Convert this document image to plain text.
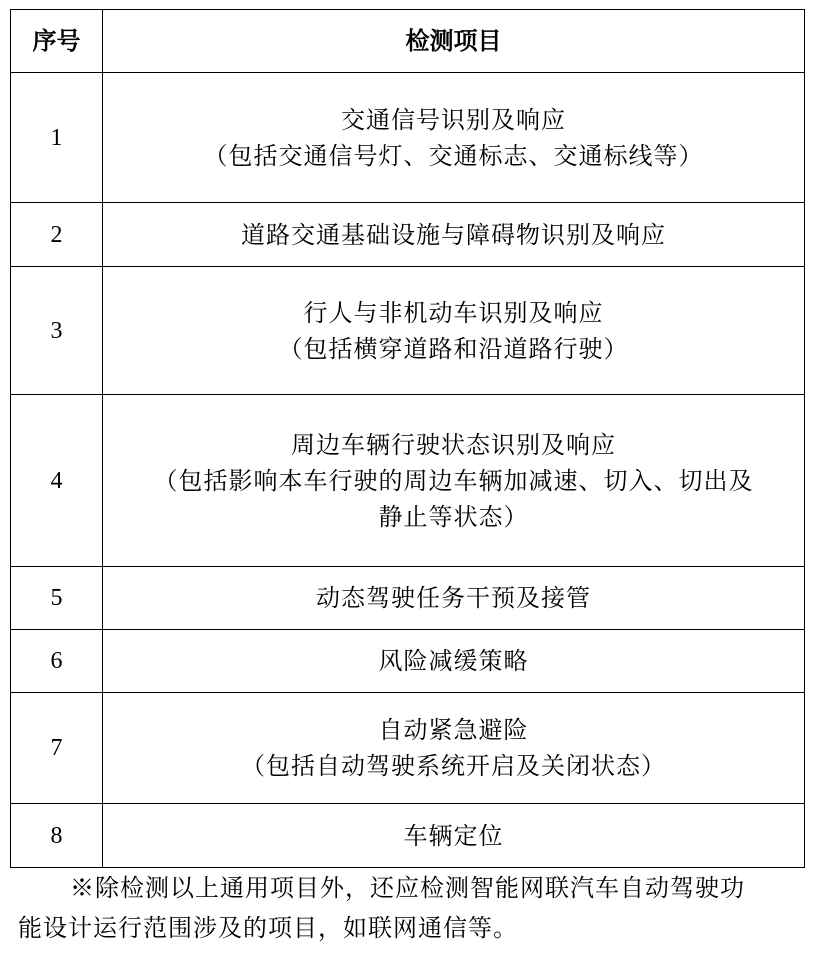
序号	检测项目
1	交通信号识别及响应
（包括交通信号灯、交通标志、交通标线等）

2	道路交通基础设施与障碍物识别及响应

3	行人与非机动车识别及响应
（包括横穿道路和沿道路行驶）

4	周边车辆行驶状态识别及响应
（包括影响本车行驶的周边车辆加减速、切入、切出及
静止等状态）

5	动态驾驶任务干预及接管

6	风险减缓策略

7	自动紧急避险
（包括自动驾驶系统开启及关闭状态）

8	车辆定位
※除检测以上通用项目外，还应检测智能网联汽车自动驾驶功
能设计运行范围涉及的项目，如联网通信等。
